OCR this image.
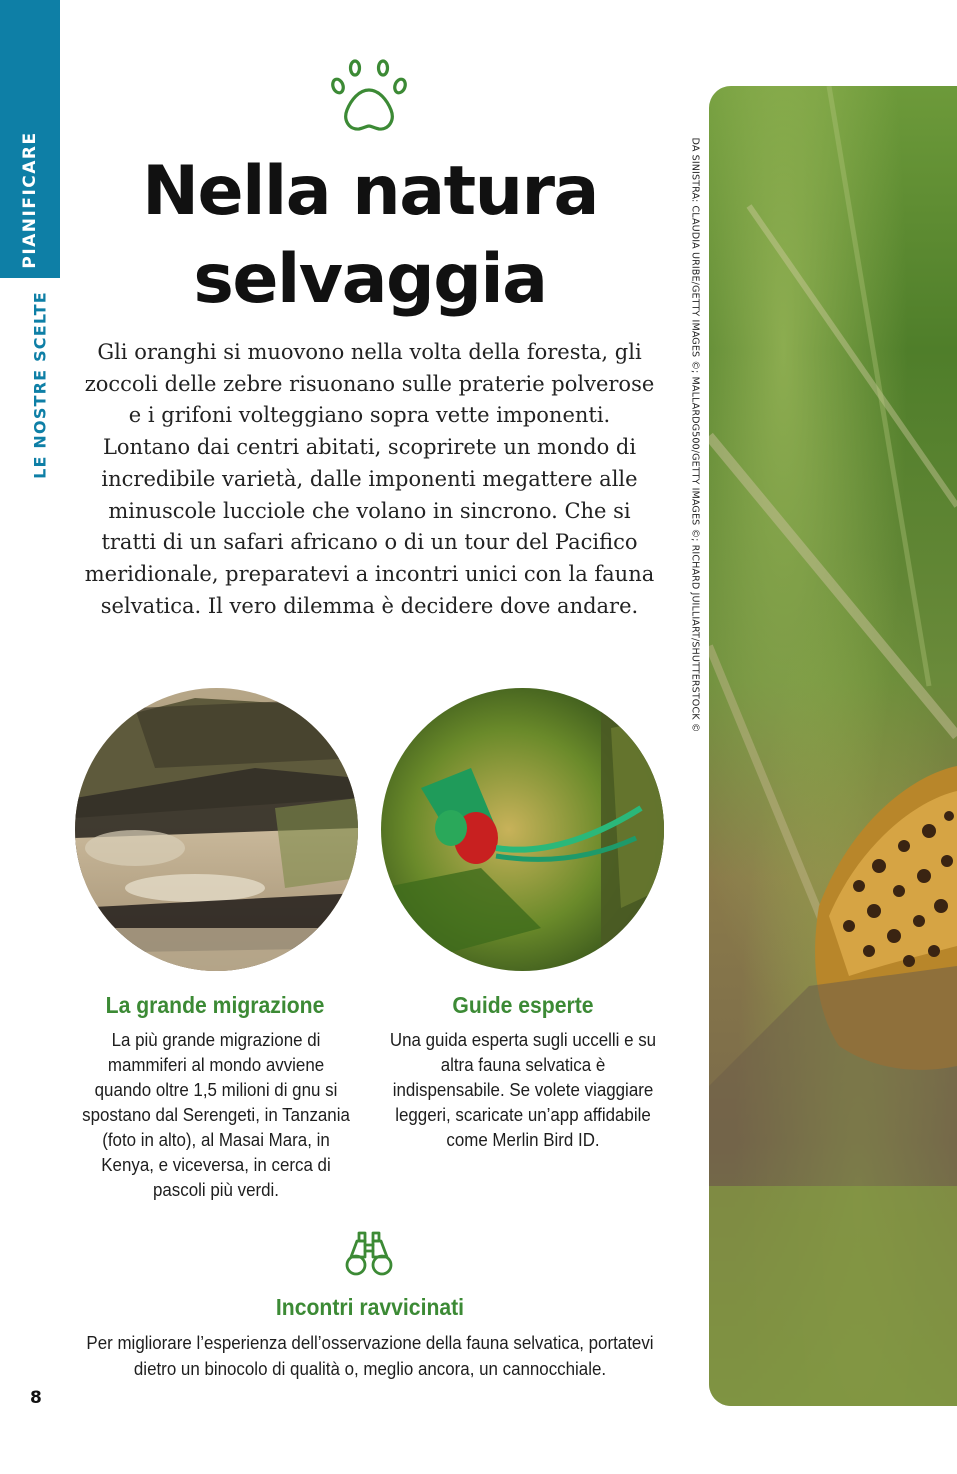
PIANIFICARE
LE NOSTRE SCELTE
Nella natura
selvaggia

Gli oranghi si muovono nella volta della foresta, gli zoccoli delle zebre risuonano sulle praterie polverose e i grifoni volteggiano sopra vette imponenti. Lontano dai centri abitati, scoprirete un mondo di incredibile varietà, dalle imponenti megattere alle minuscole lucciole che volano in sincrono. Che si tratti di un safari africano o di un tour del Pacifico meridionale, preparatevi a incontri unici con la fauna selvatica. Il vero dilemma è decidere dove andare.

La grande migrazione

La più grande migrazione di mammiferi al mondo avviene quando oltre 1,5 milioni di gnu si spostano dal Serengeti, in Tanzania (foto in alto), al Masai Mara, in Kenya, e viceversa, in cerca di pascoli più verdi.

Guide esperte

Una guida esperta sugli uccelli e su altra fauna selvatica è indispensabile. Se volete viaggiare leggeri, scaricate un’app affidabile come Merlin Bird ID.

Incontri ravvicinati

Per migliorare l’esperienza dell’osservazione della fauna selvatica, portatevi dietro un binocolo di qualità o, meglio ancora, un cannocchiale.

8
DA SINISTRA: CLAUDIA URIBE/GETTY IMAGES ©; MALLARDG500/GETTY IMAGES ©; RICHARD JUILLIART/SHUTTERSTOCK ©
